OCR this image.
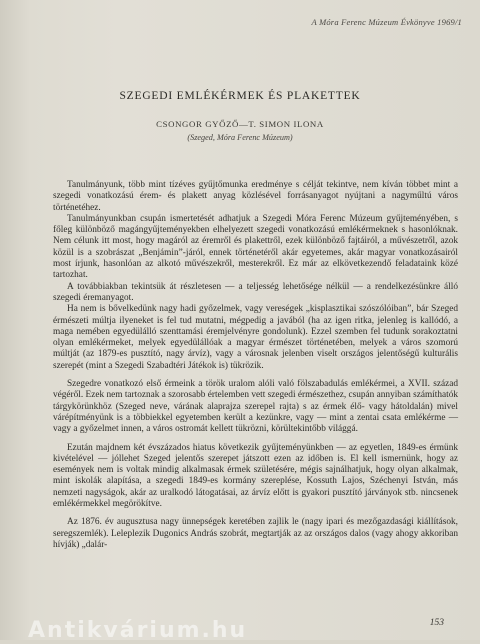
A Móra Ferenc Múzeum Évkönyve 1969/1
SZEGEDI EMLÉKÉRMEK ÉS PLAKETTEK
CSONGOR GYŐZŐ—T. SIMON ILONA
(Szeged, Móra Ferenc Múzeum)

Tanulmányunk, több mint tízéves gyűjtőmunka eredménye s célját tekintve, nem kíván többet mint a szegedi vonatkozású érem- és plakett anyag közlésével forrásanyagot nyújtani a nagyműltú város történetéhez.

Tanulmányunkban csupán ismertetését adhatjuk a Szegedi Móra Ferenc Múzeum gyűjteményében, s főleg különböző magángyűjteményekben elhelyezett szegedi vonatkozású emlékérmeknek s hasonlóknak. Nem célunk itt most, hogy magáról az éremről és plakettről, ezek különböző fajtáiról, a művészetről, azok közül is a szobrászat „Benjámin”-járól, ennek történetéről akár egyetemes, akár magyar vonatkozásairól most írjunk, hasonlóan az alkotó művészekről, mesterekről. Ez már az elkövetkezendő feladataink közé tartozhat.

A továbbiakban tekintsük át részletesen — a teljesség lehetősége nélkül — a rendelkezésünkre álló szegedi éremanyagot.

Ha nem is bővelkedünk nagy hadi győzelmek, vagy vereségek „kisplasztikai szószólóiban”, bár Szeged érmészeti múltja ilyeneket is fel tud mutatni, mégpedig a javából (ha az igen ritka, jelenleg is kallódó, a maga nemében egyedülálló szenttamási éremjelvényre gondolunk). Ezzel szemben fel tudunk sorakoztatni olyan emlékérmeket, melyek egyedülállóak a magyar érmészet történetében, melyek a város szomorú múltját (az 1879-es pusztító, nagy árvíz), vagy a városnak jelenben viselt országos jelentőségű kulturális szerepét (mint a Szegedi Szabadtéri Játékok is) tükrözik.

Szegedre vonatkozó első érmeink a török uralom alóli való fölszabadulás emlékérmei, a XVII. század végéről. Ezek nem tartoznak a szorosabb értelemben vett szegedi érmészethez, csupán annyiban számíthatók tárgykörünkhöz (Szeged neve, várának alaprajza szerepel rajta) s az érmek élő- vagy hátoldalán) mivel várépítményünk is a többiekkel egyetemben került a kezünkre, vagy — mint a zentai csata emlékérme — vagy a győzelmet innen, a város ostromát kellett tükrözni, körültekintőbb világgá.

Ezután majdnem két évszázados hiatus következik gyűjteményünkben — az egyetlen, 1849-es érmünk kivételével — jóllehet Szeged jelentős szerepet játszott ezen az időben is. El kell ismernünk, hogy az események nem is voltak mindig alkalmasak érmek születésére, mégis sajnálhatjuk, hogy olyan alkalmak, mint iskolák alapítása, a szegedi 1849-es kormány szereplése, Kossuth Lajos, Széchenyi István, más nemzeti nagyságok, akár az uralkodó látogatásai, az árvíz előtt is gyakori pusztító járványok stb. nincsenek emlékérmekkel megörökítve.

Az 1876. év augusztusa nagy ünnepségek keretében zajlik le (nagy ipari és mezőgazdasági kiállítások, seregszemlék). Leleplezik Dugonics András szobrát, megtartják az az országos dalos (vagy ahogy akkoriban hívják) „dalár-

153
Antikvárium.hu
